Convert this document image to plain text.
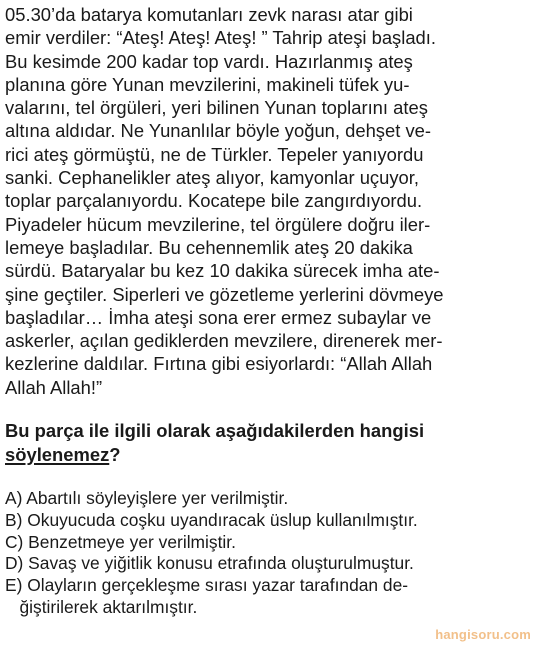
05.30’da batarya komutanları zevk narası atar gibi
emir verdiler: “Ateş! Ateş! Ateş! ” Tahrip ateşi başladı.
Bu kesimde 200 kadar top vardı. Hazırlanmış ateş
planına göre Yunan mevzilerini, makineli tüfek yu-
valarını, tel örgüleri, yeri bilinen Yunan toplarını ateş
altına aldıdar. Ne Yunanlılar böyle yoğun, dehşet ve-
rici ateş görmüştü, ne de Türkler. Tepeler yanıyordu
sanki. Cephanelikler ateş alıyor, kamyonlar uçuyor,
toplar parçalanıyordu. Kocatepe bile zangırdıyordu.
Piyadeler hücum mevzilerine, tel örgülere doğru iler-
lemeye başladılar. Bu cehennemlik ateş 20 dakika
sürdü. Bataryalar bu kez 10 dakika sürecek imha ate-
şine geçtiler. Siperleri ve gözetleme yerlerini dövmeye
başladılar… İmha ateşi sona erer ermez subaylar ve
askerler, açılan gediklerden mevzilere, direnerek mer-
kezlerine daldılar. Fırtına gibi esiyorlardı: “Allah Allah
Allah Allah!”
Bu parça ile ilgili olarak aşağıdakilerden hangisi
söylenemez?
A) Abartılı söyleyişlere yer verilmiştir.
B) Okuyucuda coşku uyandıracak üslup kullanılmıştır.
C) Benzetmeye yer verilmiştir.
D) Savaş ve yiğitlik konusu etrafında oluşturulmuştur.
E) Olayların gerçekleşme sırası yazar tarafından de-
ğiştirilerek aktarılmıştır.
hangisoru.com
